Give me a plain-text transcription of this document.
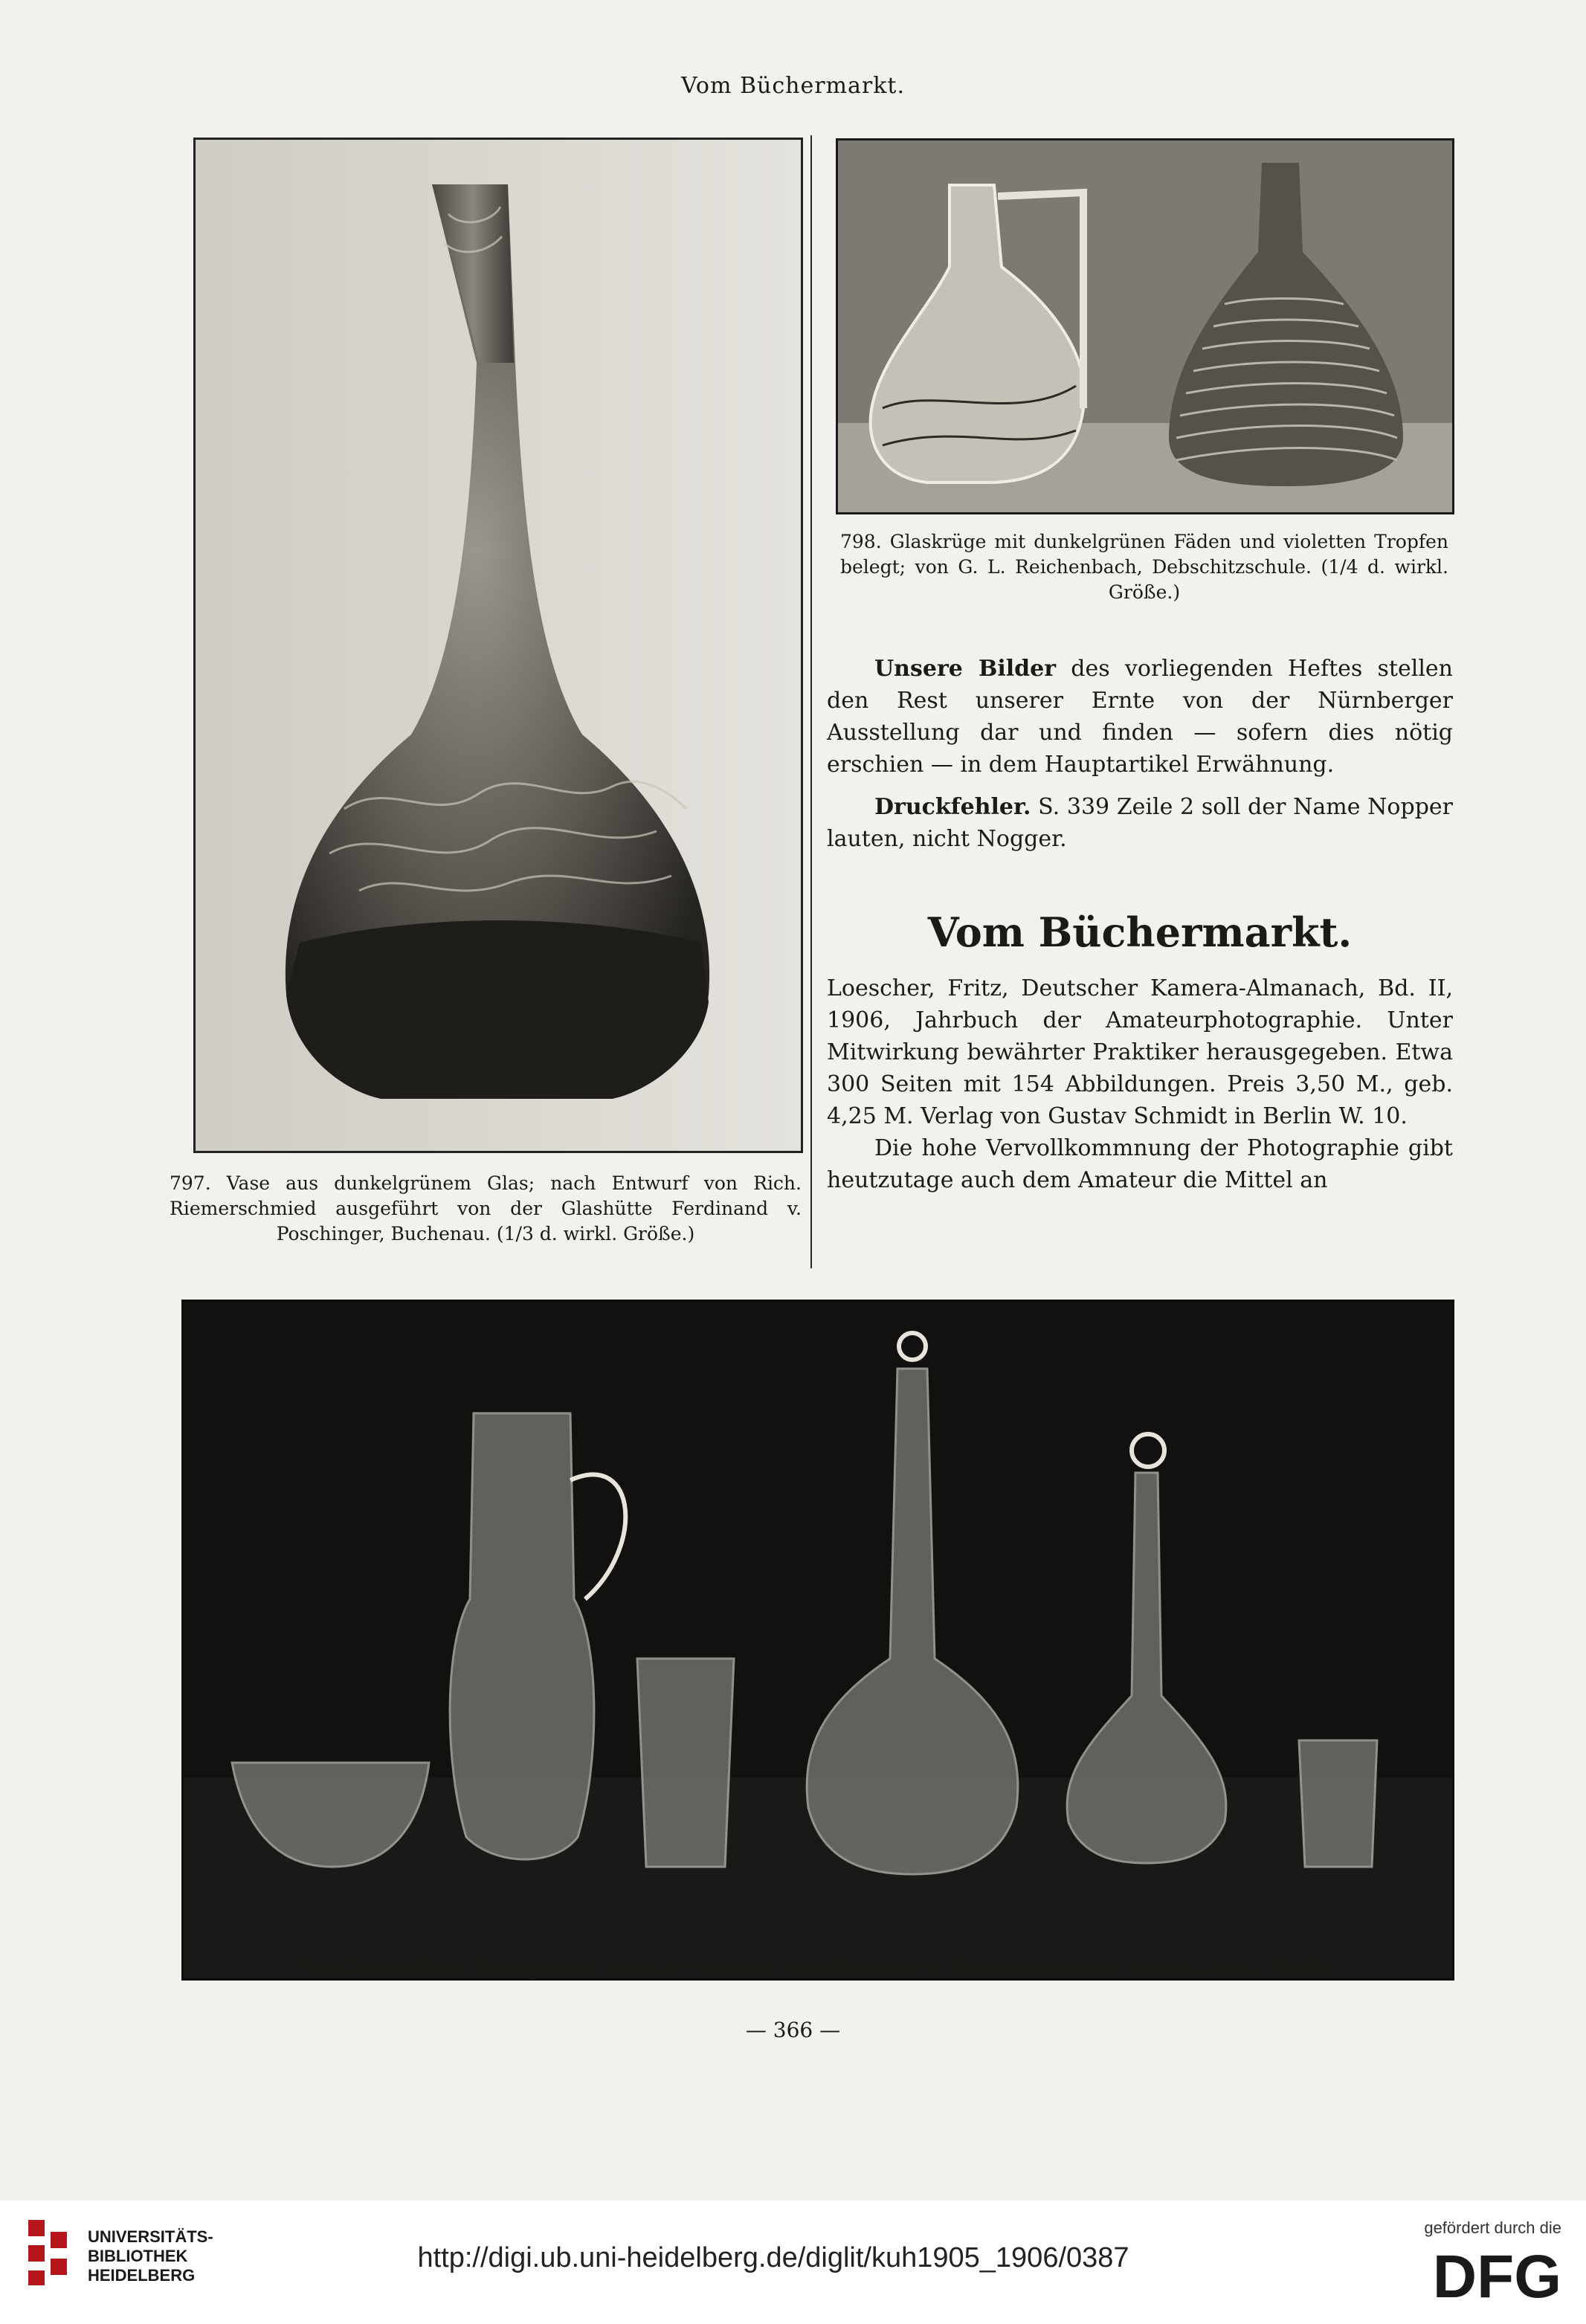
Vom Büchermarkt.
797. Vase aus dunkelgrünem Glas; nach Entwurf von Rich. Riemerschmied ausgeführt von der Glashütte Ferdinand v. Poschinger, Buchenau. (1/3 d. wirkl. Größe.)
798. Glaskrüge mit dunkelgrünen Fäden und violetten Tropfen belegt; von G. L. Reichenbach, Debschitzschule. (1/4 d. wirkl. Größe.)

Unsere Bilder des vorliegenden Heftes stellen den Rest unserer Ernte von der Nürnberger Ausstellung dar und finden — sofern dies nötig erschien — in dem Hauptartikel Erwähnung.

Druckfehler. S. 339 Zeile 2 soll der Name Nopper lauten, nicht Nogger.

Vom Büchermarkt.

Loescher, Fritz, Deutscher Kamera-Almanach, Bd. II, 1906, Jahrbuch der Amateurphotographie. Unter Mitwirkung bewährter Praktiker herausgegeben. Etwa 300 Seiten mit 154 Abbildungen. Preis 3,50 M., geb. 4,25 M. Verlag von Gustav Schmidt in Berlin W. 10.

Die hohe Vervollkommnung der Photographie gibt heutzutage auch dem Amateur die Mittel an

799. Geschliffene Tischgläser; von Karl Schmoll von Eisenwerth. Debschitzschule. (1/4 d. wirkl. Größe.)
— 366 —
UNIVERSITÄTS-
BIBLIOTHEK
HEIDELBERG
http://digi.ub.uni-heidelberg.de/diglit/kuh1905_1906/0387
gefördert durch die
DFG
